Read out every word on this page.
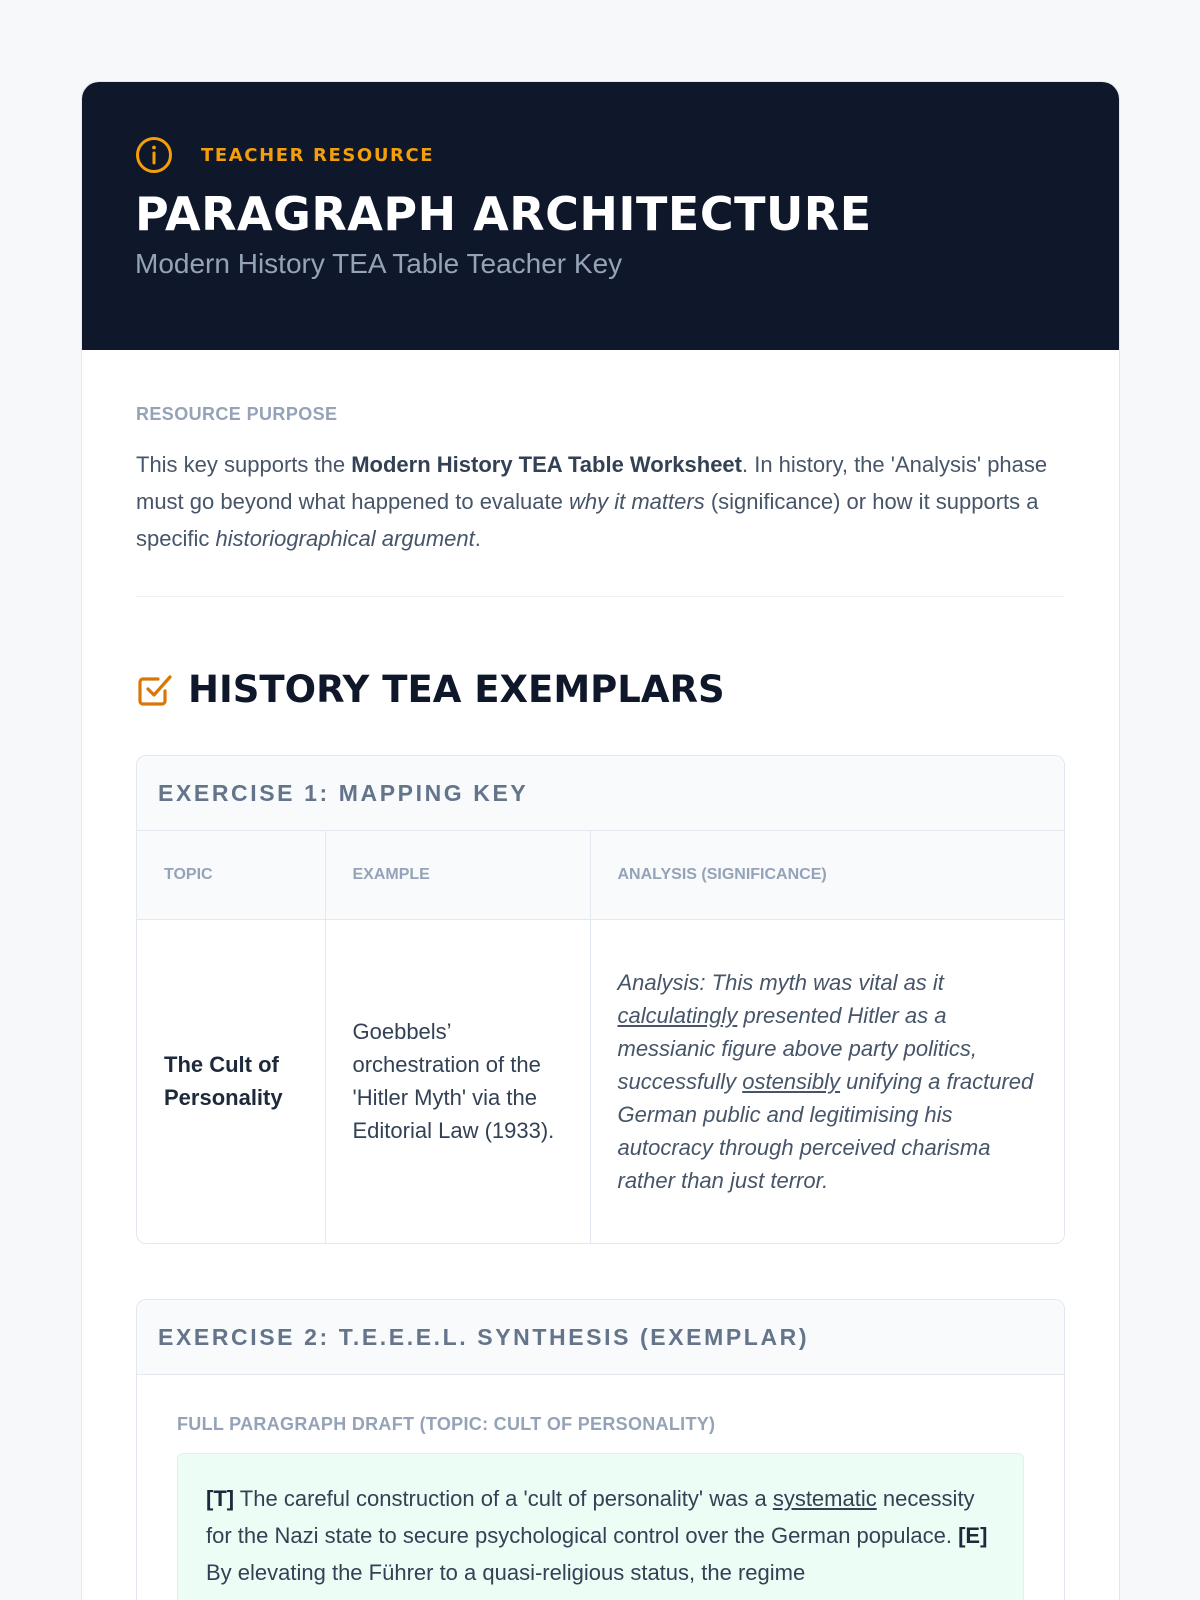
TEACHER RESOURCE
PARAGRAPH ARCHITECTURE
Modern History TEA Table Teacher Key
RESOURCE PURPOSE

This key supports the Modern History TEA Table Worksheet. In history, the 'Analysis' phase must go beyond what happened to evaluate why it matters (significance) or how it supports a specific historiographical argument.

HISTORY TEA EXEMPLARS
EXERCISE 1: MAPPING KEY
TOPIC	EXAMPLE	ANALYSIS (SIGNIFICANCE)
The Cult of Personality	Goebbels’ orchestration of the 'Hitler Myth' via the Editorial Law (1933).	Analysis: This myth was vital as it calculatingly presented Hitler as a messianic figure above party politics, successfully ostensibly unifying a fractured German public and legitimising his autocracy through perceived charisma rather than just terror.
EXERCISE 2: T.E.E.E.L. SYNTHESIS (EXEMPLAR)
FULL PARAGRAPH DRAFT (TOPIC: CULT OF PERSONALITY)

[T] The careful construction of a 'cult of personality' was a systematic necessity for the Nazi state to secure psychological control over the German populace. [E] By elevating the Führer to a quasi-religious status, the regime
